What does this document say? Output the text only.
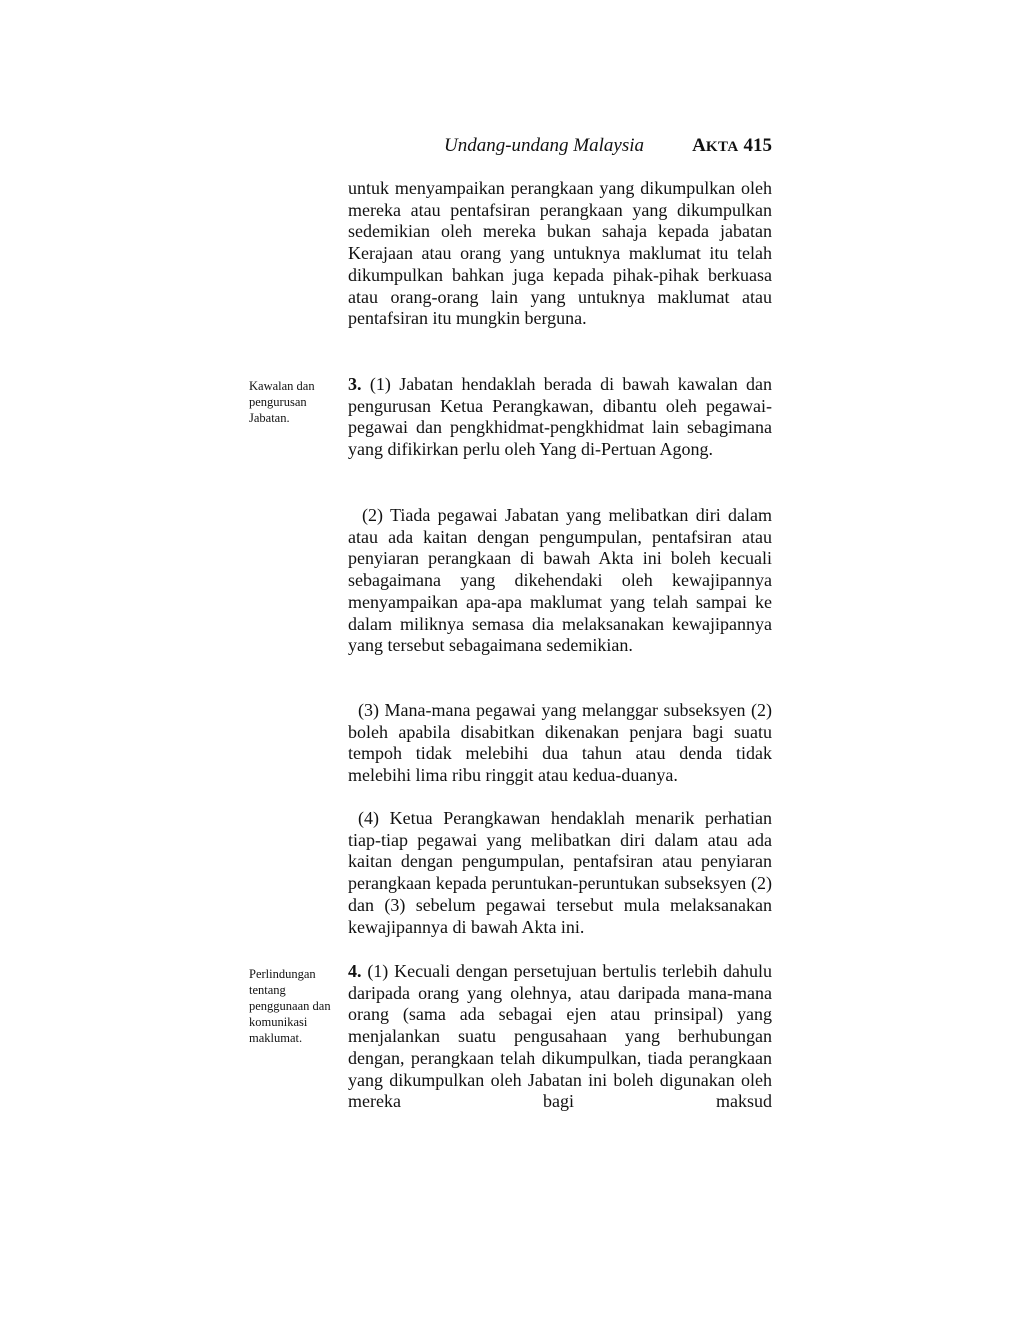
Undang-undang Malaysia	AKTA 415
untuk menyampaikan perangkaan yang dikumpulkan oleh mereka atau pentafsiran perangkaan yang dikumpulkan sedemikian oleh mereka bukan sahaja kepada jabatan Kerajaan atau orang yang untuknya maklumat itu telah dikumpulkan bahkan juga kepada pihak-pihak berkuasa atau orang-orang lain yang untuknya maklumat atau pentafsiran itu mungkin berguna.
Kawalan dan pengurusan Jabatan.
3. (1) Jabatan hendaklah berada di bawah kawalan dan pengurusan Ketua Perangkawan, dibantu oleh pegawai-pegawai dan pengkhidmat-pengkhidmat lain sebagimana yang difikirkan perlu oleh Yang di-Pertuan Agong.
(2) Tiada pegawai Jabatan yang melibatkan diri dalam atau ada kaitan dengan pengumpulan, pentafsiran atau penyiaran perangkaan di bawah Akta ini boleh kecuali sebagaimana yang dikehendaki oleh kewajipannya menyampaikan apa-apa maklumat yang telah sampai ke dalam miliknya semasa dia melaksanakan kewajipannya yang tersebut sebagaimana sedemikian.
(3) Mana-mana pegawai yang melanggar subseksyen (2) boleh apabila disabitkan dikenakan penjara bagi suatu tempoh tidak melebihi dua tahun atau denda tidak melebihi lima ribu ringgit atau kedua-duanya.
(4) Ketua Perangkawan hendaklah menarik perhatian tiap-tiap pegawai yang melibatkan diri dalam atau ada kaitan dengan pengumpulan, pentafsiran atau penyiaran perangkaan kepada peruntukan-peruntukan subseksyen (2) dan (3) sebelum pegawai tersebut mula melaksanakan kewajipannya di bawah Akta ini.
Perlindungan tentang penggunaan dan komunikasi maklumat.
4. (1) Kecuali dengan persetujuan bertulis terlebih dahulu daripada orang yang olehnya, atau daripada mana-mana orang (sama ada sebagai ejen atau prinsipal) yang menjalankan suatu pengusahaan yang berhubungan dengan, perangkaan telah dikumpulkan, tiada perangkaan yang dikumpulkan oleh Jabatan ini boleh digunakan oleh mereka bagi maksud
